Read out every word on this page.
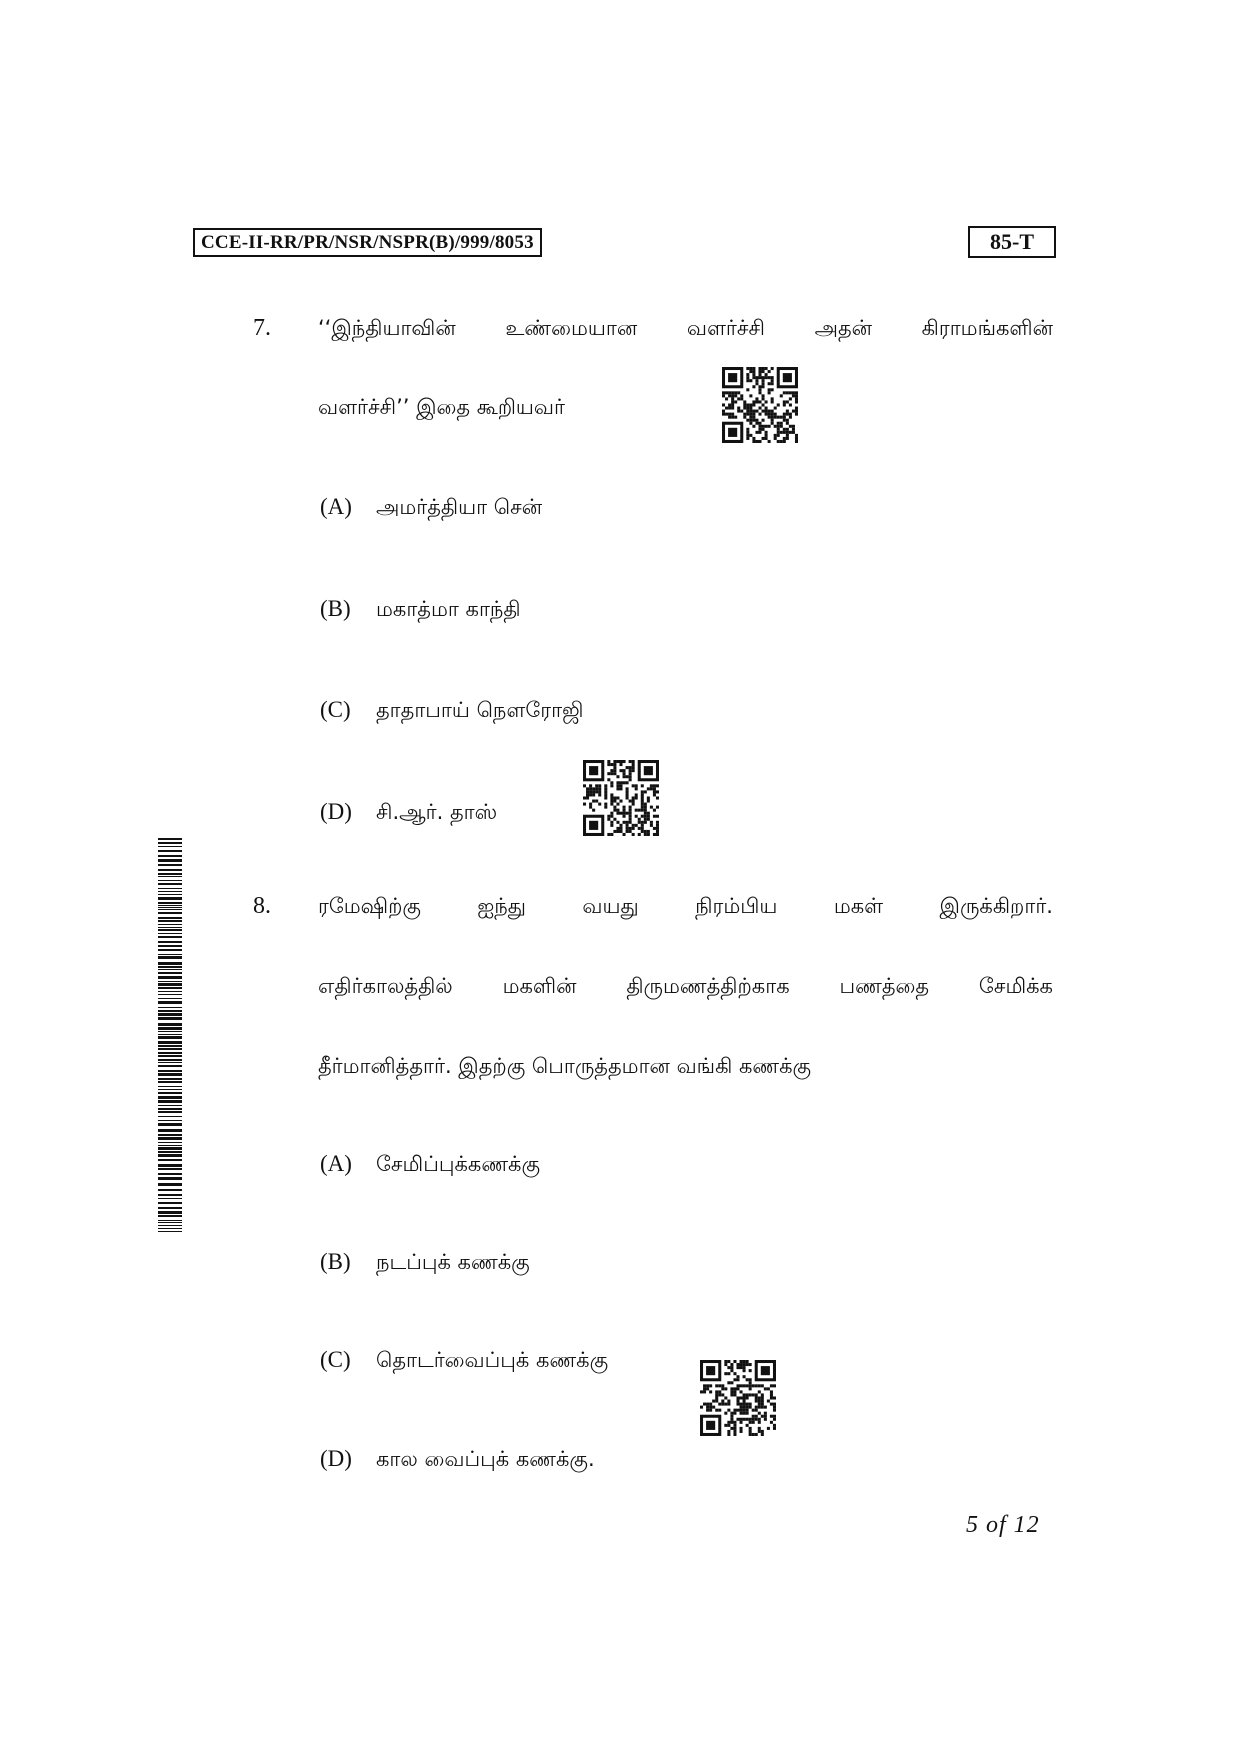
CCE-II-RR/PR/NSR/NSPR(B)/999/8053	85-T
7. ‘‘இந்தியாவின் உண்மையான வளர்ச்சி அதன் கிராமங்களின்
வளர்ச்சி’’ இதை கூறியவர்
(A) அமர்த்தியா சென்
(B) மகாத்மா காந்தி
(C) தாதாபாய் நௌரோஜி
(D) சி.ஆர். தாஸ்
8. ரமேஷிற்கு	ஐந்து	வயது	நிரம்பிய	மகள்	இருக்கிறார்.
எதிர்காலத்தில் மகளின் திருமணத்திற்காக பணத்தை சேமிக்க
தீர்மானித்தார். இதற்கு பொருத்தமான வங்கி கணக்கு
(A) சேமிப்புக்கணக்கு
(B) நடப்புக் கணக்கு
(C) தொடர்வைப்புக் கணக்கு
(D) கால வைப்புக் கணக்கு.
5 of 12
